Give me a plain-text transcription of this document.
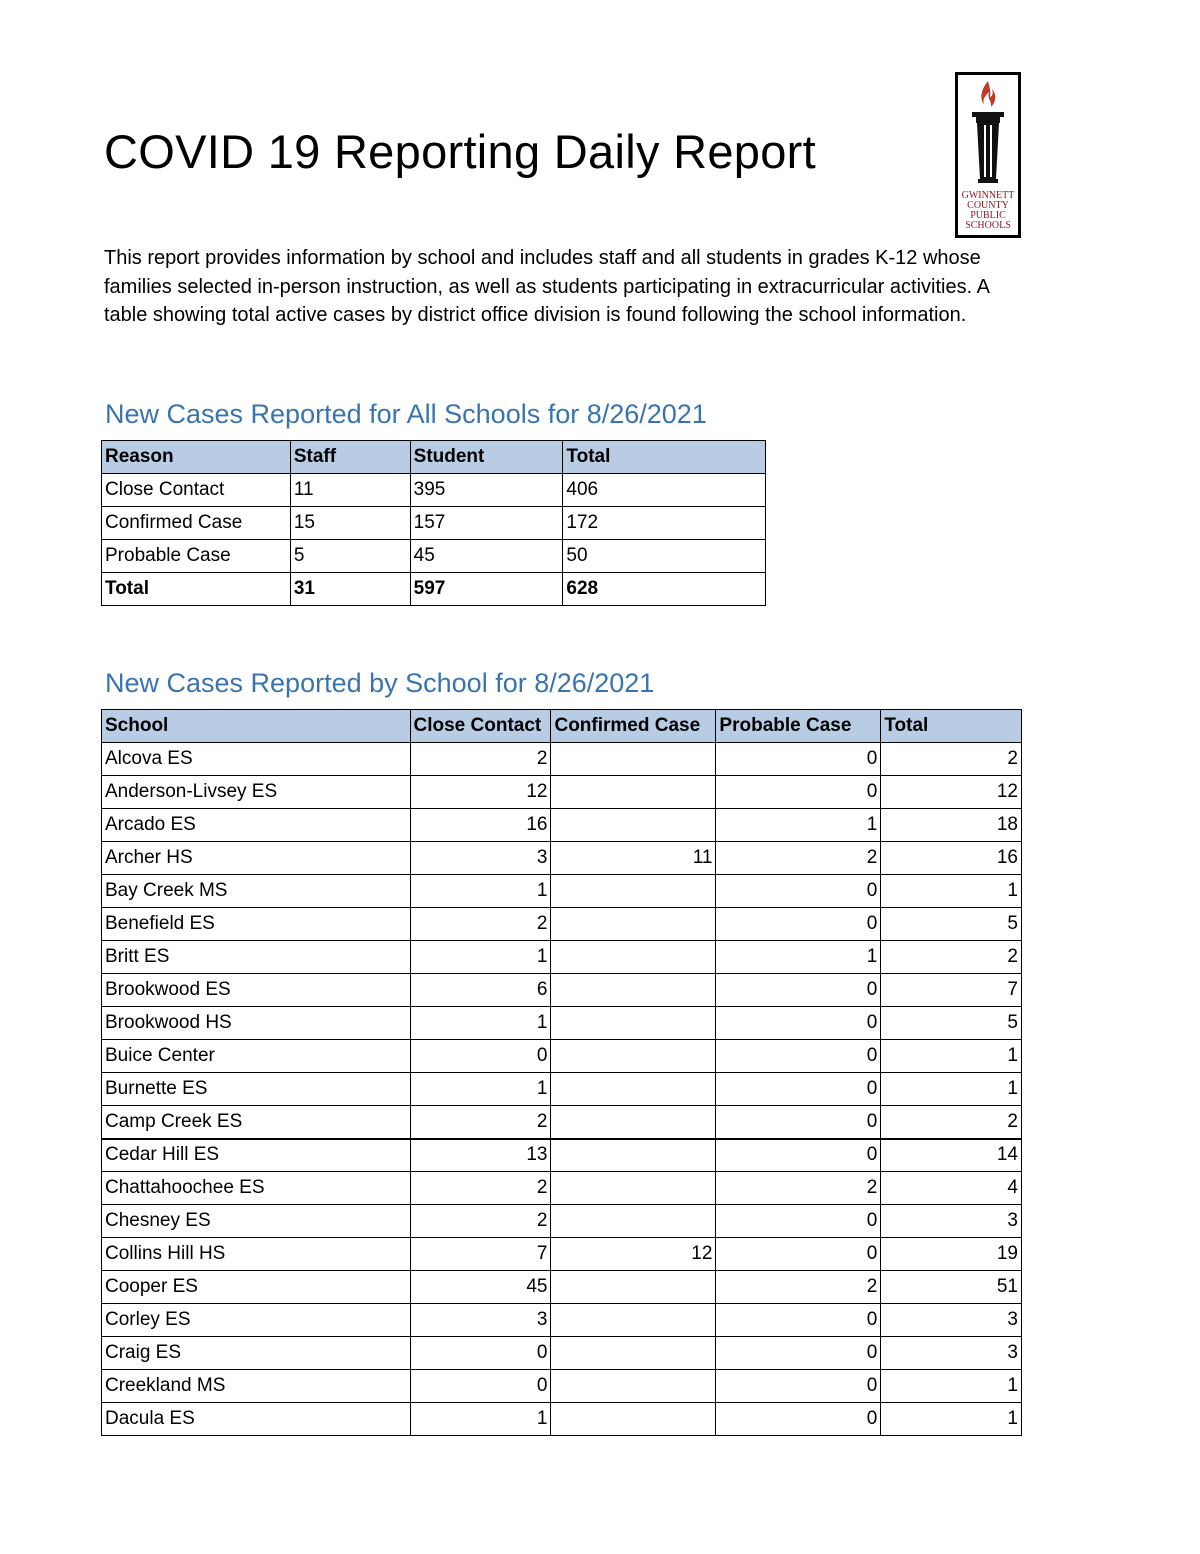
COVID 19 Reporting Daily Report
GWINNETT
COUNTY
PUBLIC
SCHOOLS

This report provides information by school and includes staff and all students in grades K-12 whose families selected in-person instruction, as well as students participating in extracurricular activities. A table showing total active cases by district office division is found following the school information.

New Cases Reported for All Schools for 8/26/2021
Reason	Staff	Student	Total
Close Contact	11	395	406
Confirmed Case	15	157	172
Probable Case	5	45	50
Total	31	597	628
New Cases Reported by School for 8/26/2021
School	Close Contact	Confirmed Case	Probable Case	Total
Alcova ES	2		0	2
Anderson-Livsey ES	12		0	12
Arcado ES	16		1	18
Archer HS	3	11	2	16
Bay Creek MS	1		0	1
Benefield ES	2		0	5
Britt ES	1		1	2
Brookwood ES	6		0	7
Brookwood HS	1		0	5
Buice Center	0		0	1
Burnette ES	1		0	1
Camp Creek ES	2		0	2
Cedar Hill ES	13		0	14
Chattahoochee ES	2		2	4
Chesney ES	2		0	3
Collins Hill HS	7	12	0	19
Cooper ES	45		2	51
Corley ES	3		0	3
Craig ES	0		0	3
Creekland MS	0		0	1
Dacula ES	1		0	1
